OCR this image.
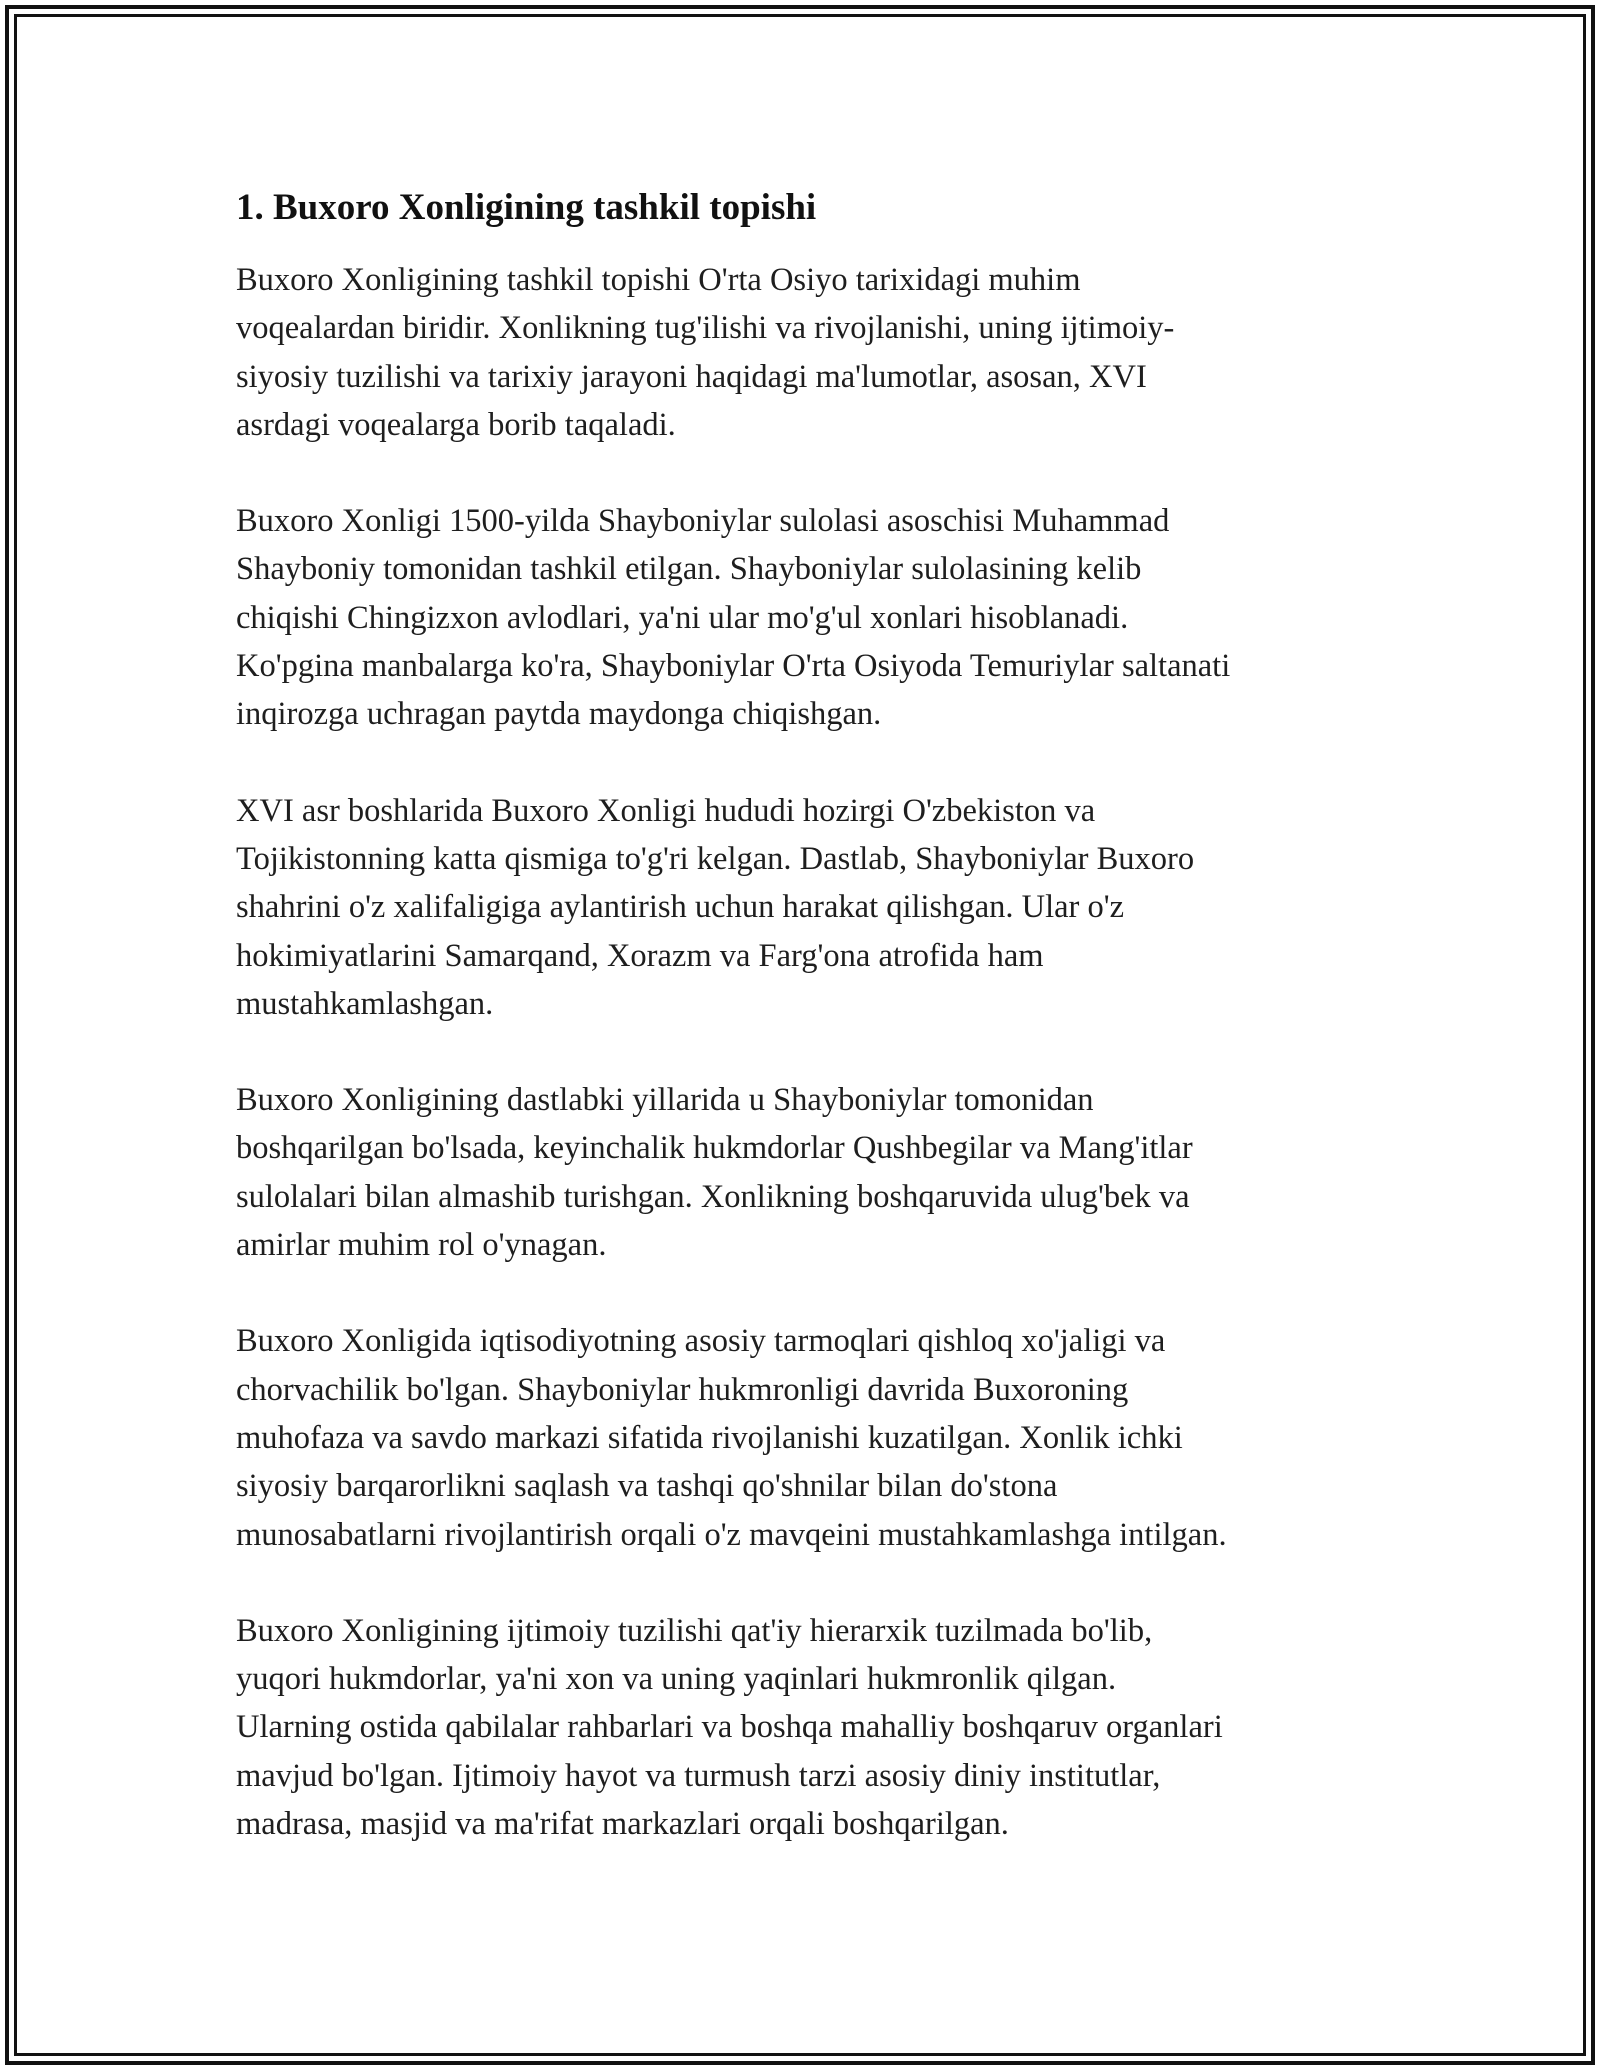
1. Buxoro Xonligining tashkil topishi
Buxoro Xonligining tashkil topishi O'rta Osiyo tarixidagi muhim
voqealardan biridir. Xonlikning tug'ilishi va rivojlanishi, uning ijtimoiy-
siyosiy tuzilishi va tarixiy jarayoni haqidagi ma'lumotlar, asosan, XVI
asrdagi voqealarga borib taqaladi.
Buxoro Xonligi 1500-yilda Shayboniylar sulolasi asoschisi Muhammad
Shayboniy tomonidan tashkil etilgan. Shayboniylar sulolasining kelib
chiqishi Chingizxon avlodlari, ya'ni ular mo'g'ul xonlari hisoblanadi.
Ko'pgina manbalarga ko'ra, Shayboniylar O'rta Osiyoda Temuriylar saltanati
inqirozga uchragan paytda maydonga chiqishgan.
XVI asr boshlarida Buxoro Xonligi hududi hozirgi O'zbekiston va
Tojikistonning katta qismiga to'g'ri kelgan. Dastlab, Shayboniylar Buxoro
shahrini o'z xalifaligiga aylantirish uchun harakat qilishgan. Ular o'z
hokimiyatlarini Samarqand, Xorazm va Farg'ona atrofida ham
mustahkamlashgan.
Buxoro Xonligining dastlabki yillarida u Shayboniylar tomonidan
boshqarilgan bo'lsada, keyinchalik hukmdorlar Qushbegilar va Mang'itlar
sulolalari bilan almashib turishgan. Xonlikning boshqaruvida ulug'bek va
amirlar muhim rol o'ynagan.
Buxoro Xonligida iqtisodiyotning asosiy tarmoqlari qishloq xo'jaligi va
chorvachilik bo'lgan. Shayboniylar hukmronligi davrida Buxoroning
muhofaza va savdo markazi sifatida rivojlanishi kuzatilgan. Xonlik ichki
siyosiy barqarorlikni saqlash va tashqi qo'shnilar bilan do'stona
munosabatlarni rivojlantirish orqali o'z mavqeini mustahkamlashga intilgan.
Buxoro Xonligining ijtimoiy tuzilishi qat'iy hierarxik tuzilmada bo'lib,
yuqori hukmdorlar, ya'ni xon va uning yaqinlari hukmronlik qilgan.
Ularning ostida qabilalar rahbarlari va boshqa mahalliy boshqaruv organlari
mavjud bo'lgan. Ijtimoiy hayot va turmush tarzi asosiy diniy institutlar,
madrasa, masjid va ma'rifat markazlari orqali boshqarilgan.
